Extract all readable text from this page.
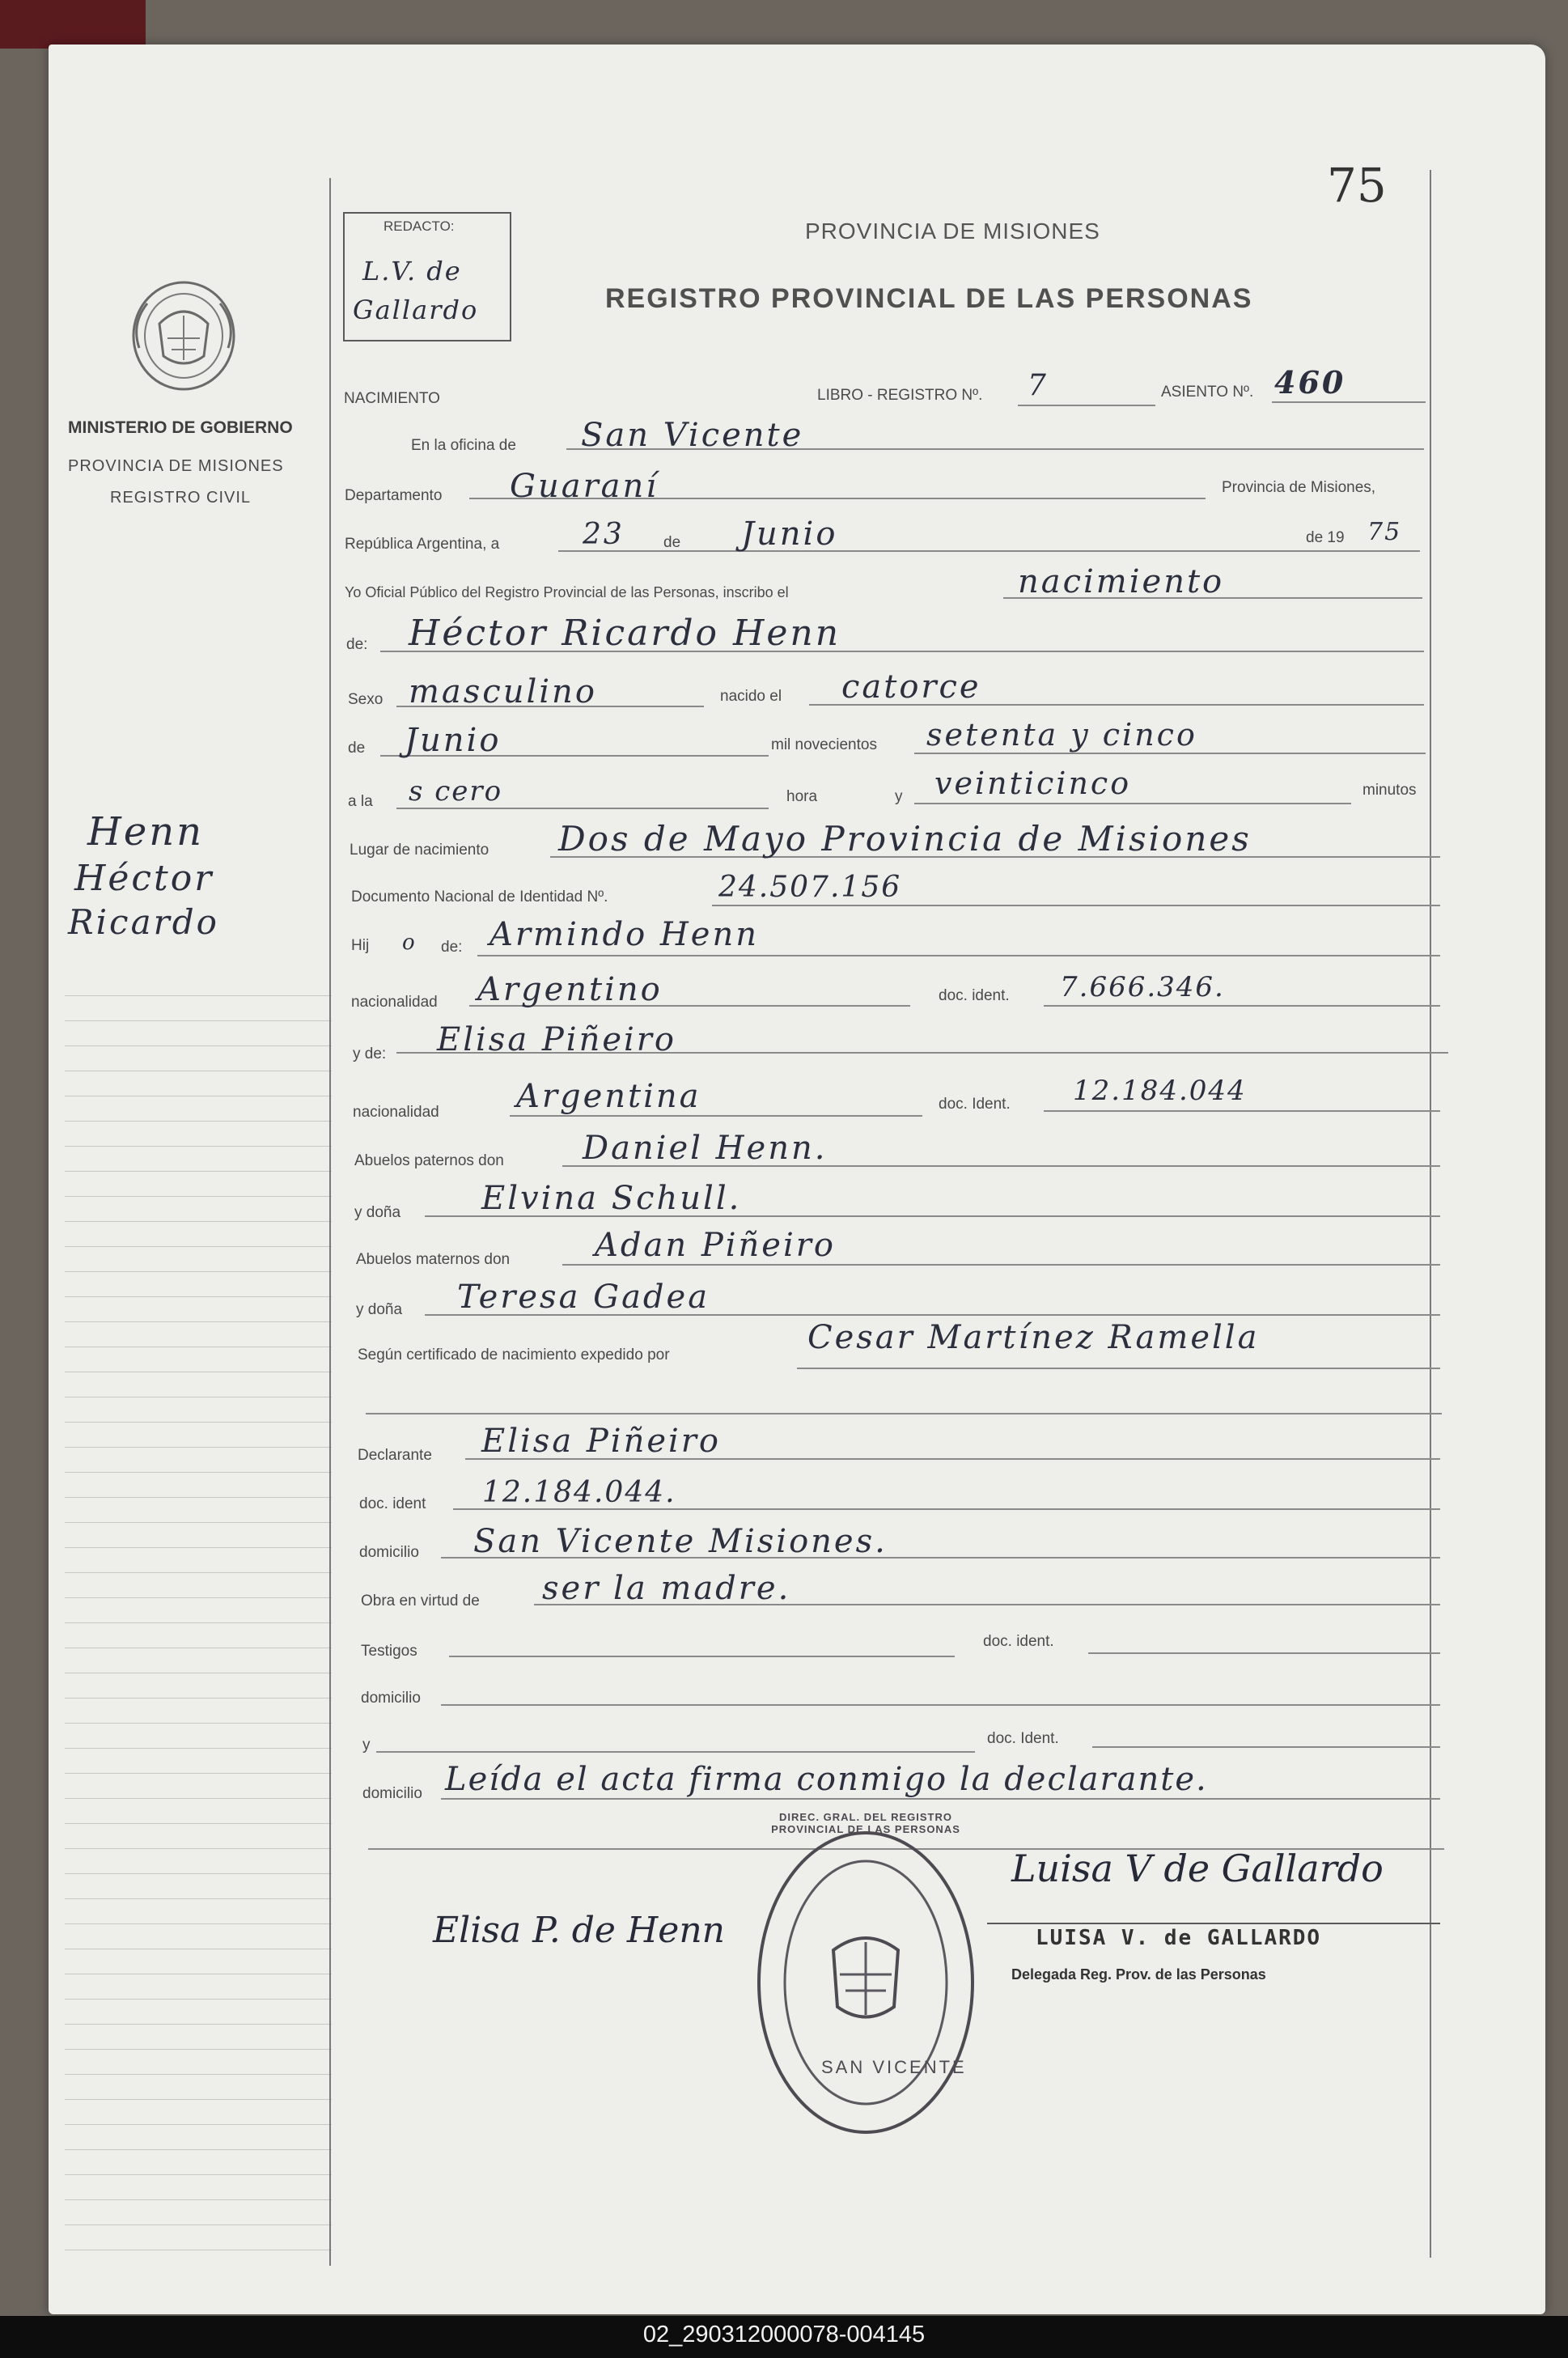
75
REDACTO:
L.V. de
Gallardo
PROVINCIA DE MISIONES
REGISTRO PROVINCIAL DE LAS PERSONAS
MINISTERIO DE GOBIERNO
PROVINCIA DE MISIONES
REGISTRO CIVIL
Henn
Héctor
Ricardo
NACIMIENTO	LIBRO - REGISTRO Nº. 7	ASIENTO Nº. 460
En la oficina de San Vicente
Departamento Guaraní	Provincia de Misiones,
República Argentina, a	23	de Junio	de 19 75
Yo Oficial Público del Registro Provincial de las Personas, inscribo el	nacimiento
de: Héctor Ricardo Henn
Sexo masculino	nacido el catorce
de Junio	mil novecientos setenta y cinco
a la s cero	hora	y veinticinco	minutos
Lugar de nacimiento Dos de Mayo Provincia de Misiones
Documento Nacional de Identidad Nº.	24.507.156
Hij o de: Armindo Henn
nacionalidad Argentino	doc. ident. 7.666.346.
y de: Elisa Piñeiro
nacionalidad Argentina	doc. Ident. 12.184.044
Abuelos paternos don Daniel Henn.
y doña Elvina Schull.
Abuelos maternos don	Adan Piñeiro
y doña Teresa Gadea
Según certificado de nacimiento expedido por	Cesar Martínez Ramella
Declarante Elisa Piñeiro
doc. ident 12.184.044.
domicilio San Vicente Misiones.
Obra en virtud de ser la madre.
Testigos
doc. ident.
domicilio
y	doc. Ident.
domicilio Leída el acta firma conmigo la declarante.
DIREC. GRAL. DEL REGISTRO PROVINCIAL DE LAS PERSONAS
SAN VICENTE
Elisa P. de Henn
Luisa V de Gallardo
LUISA V. de GALLARDO
Delegada Reg. Prov. de las Personas
02_290312000078-004145
